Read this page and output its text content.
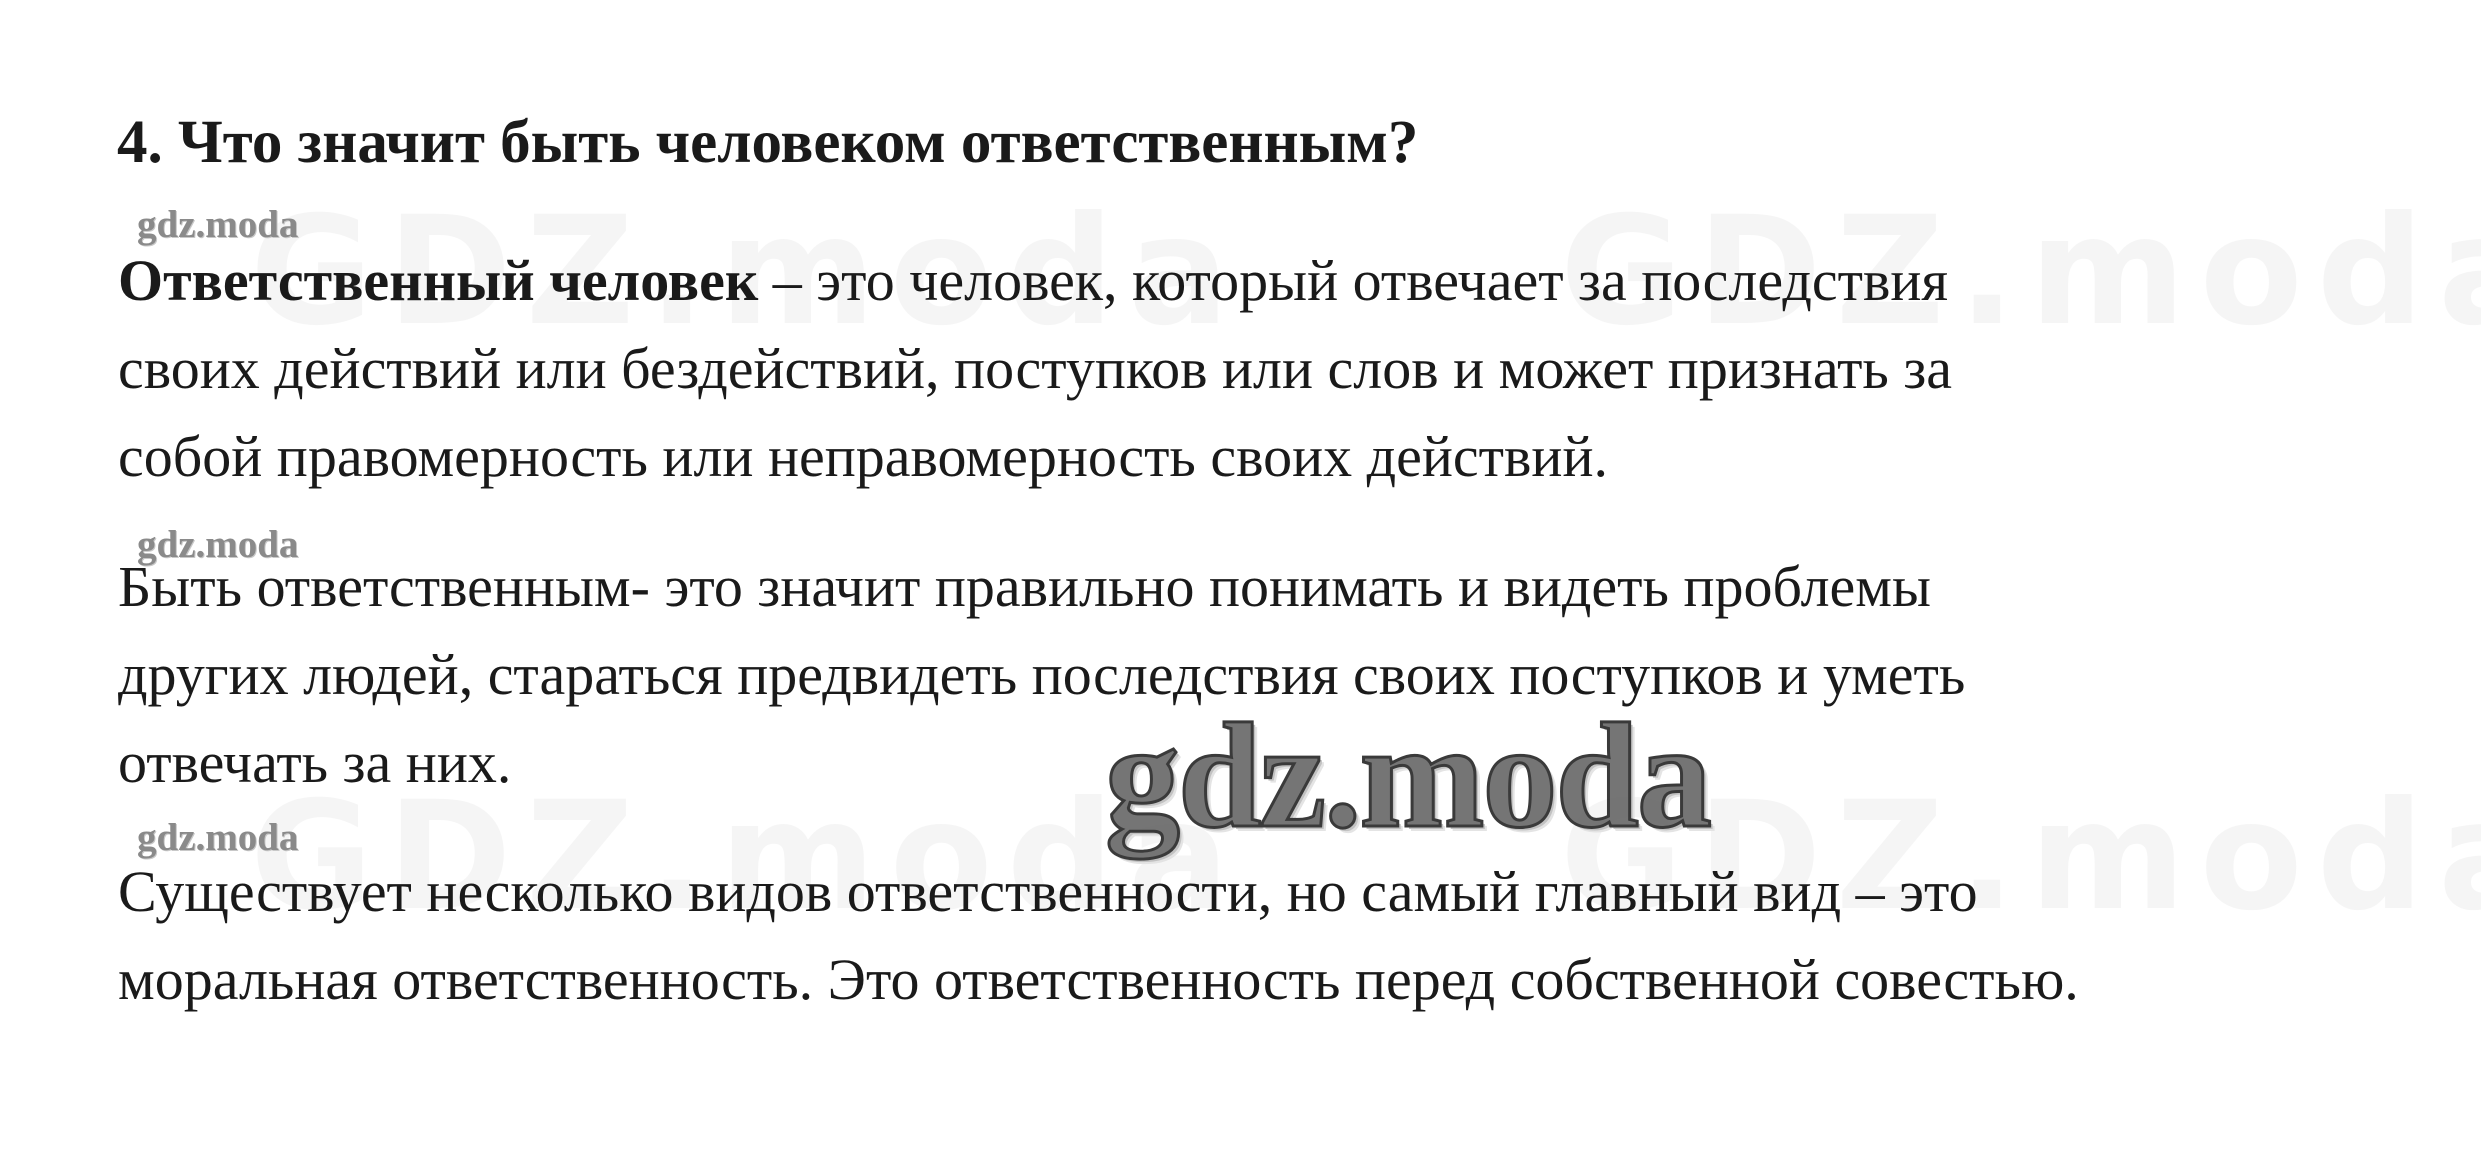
4. Что значит быть человеком ответственным?
gdz.moda

Ответственный человек – это человек, который отвечает за последствия
своих действий или бездействий, поступков или слов и может признать за
собой правомерность или неправомерность своих действий.

gdz.moda

Быть ответственным- это значит правильно понимать и видеть проблемы
других людей, стараться предвидеть последствия своих поступков и уметь
отвечать за них.

gdz.moda

Существует несколько видов ответственности, но самый главный вид – это
моральная ответственность. Это ответственность перед собственной совестью.

gdz.moda
